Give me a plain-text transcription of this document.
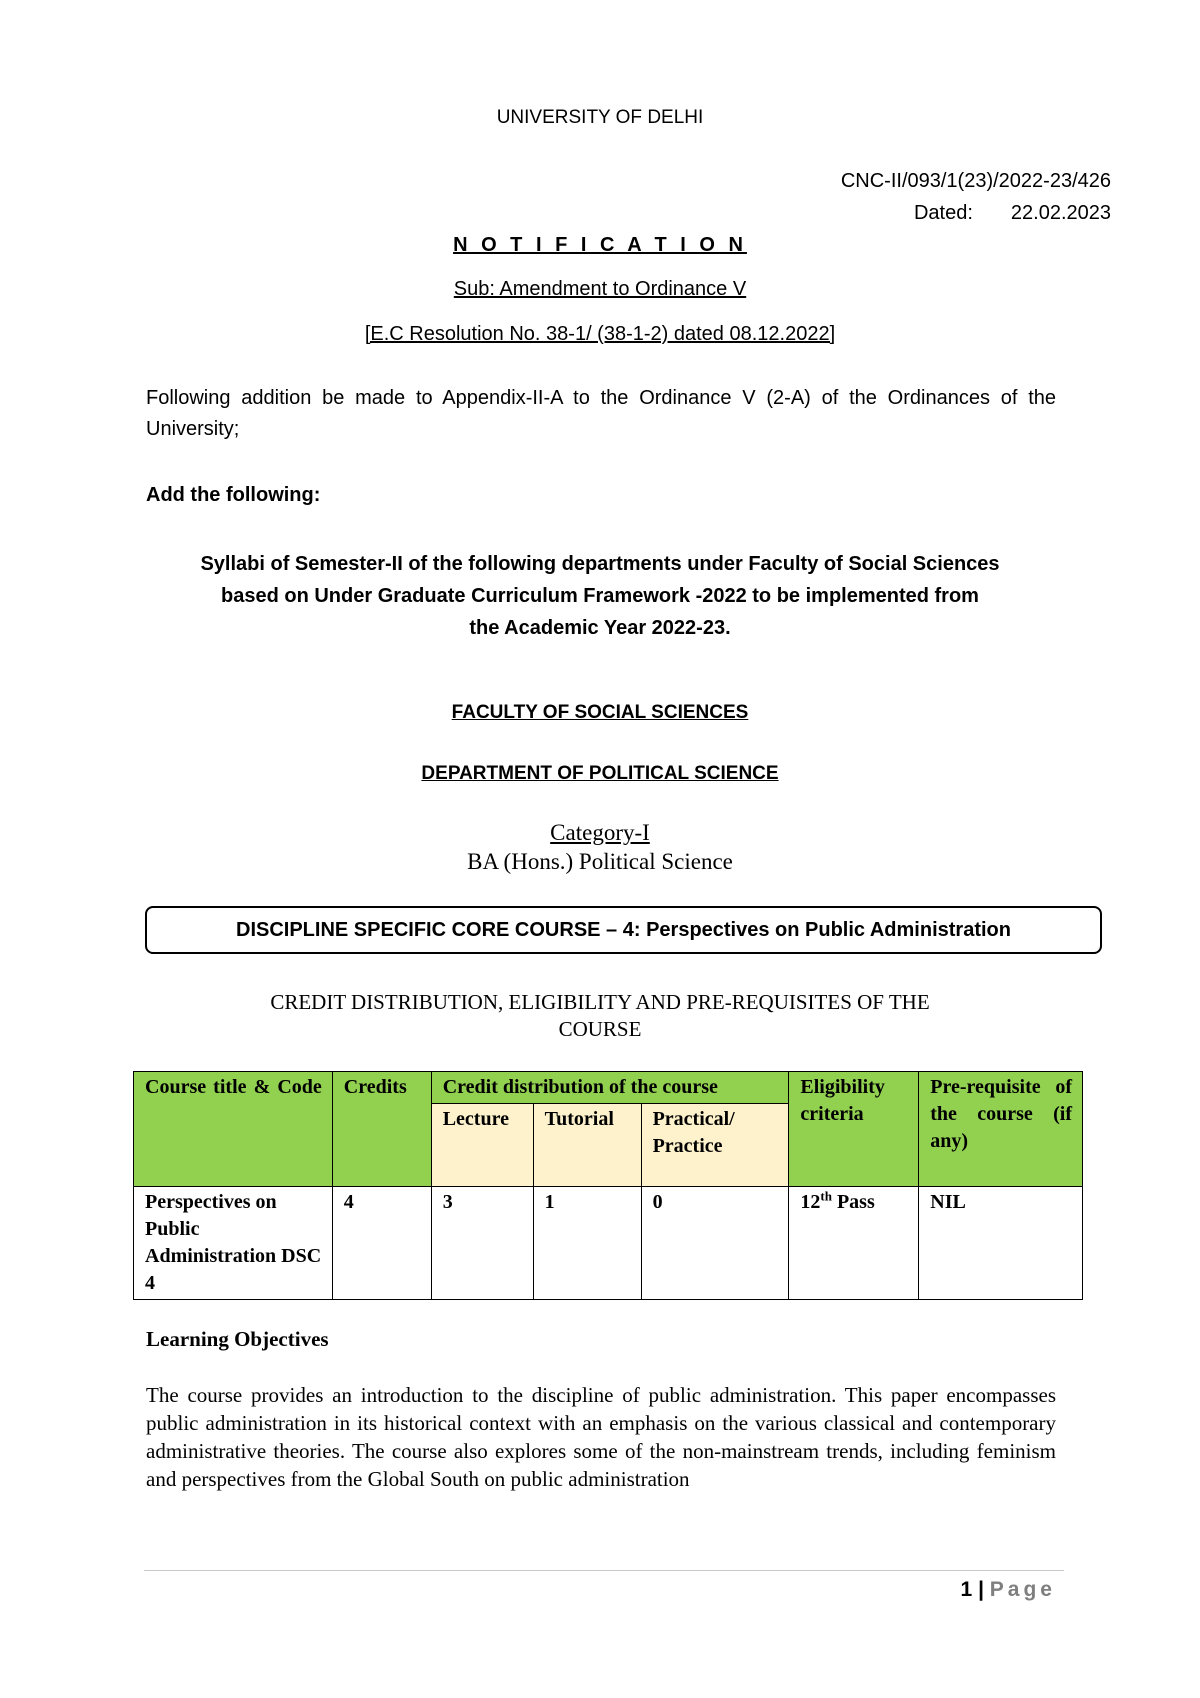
UNIVERSITY OF DELHI
CNC-II/093/1(23)/2022-23/426
Dated: 22.02.2023
N O T I F I C A T I O N
Sub: Amendment to Ordinance V
[E.C Resolution No. 38-1/ (38-1-2) dated 08.12.2022]
Following addition be made to Appendix-II-A to the Ordinance V (2-A) of the Ordinances of the University;
Add the following:
Syllabi of Semester-II of the following departments under Faculty of Social Sciences
based on Under Graduate Curriculum Framework -2022 to be implemented from
the Academic Year 2022-23.
FACULTY OF SOCIAL SCIENCES
DEPARTMENT OF POLITICAL SCIENCE
Category-I
BA (Hons.) Political Science
DISCIPLINE SPECIFIC CORE COURSE – 4: Perspectives on Public Administration
CREDIT DISTRIBUTION, ELIGIBILITY AND PRE-REQUISITES OF THE
COURSE
Course title & Code	Credits	Credit distribution of the course			Eligibility criteria	Pre-requisite of the course (if any)
		Lecture	Tutorial	Practical/ Practice		
Perspectives on Public Administration DSC 4	4	3	1	0	12th Pass	NIL
Learning Objectives
The course provides an introduction to the discipline of public administration. This paper encompasses public administration in its historical context with an emphasis on the various classical and contemporary administrative theories. The course also explores some of the non-mainstream trends, including feminism and perspectives from the Global South on public administration
1 | Page
